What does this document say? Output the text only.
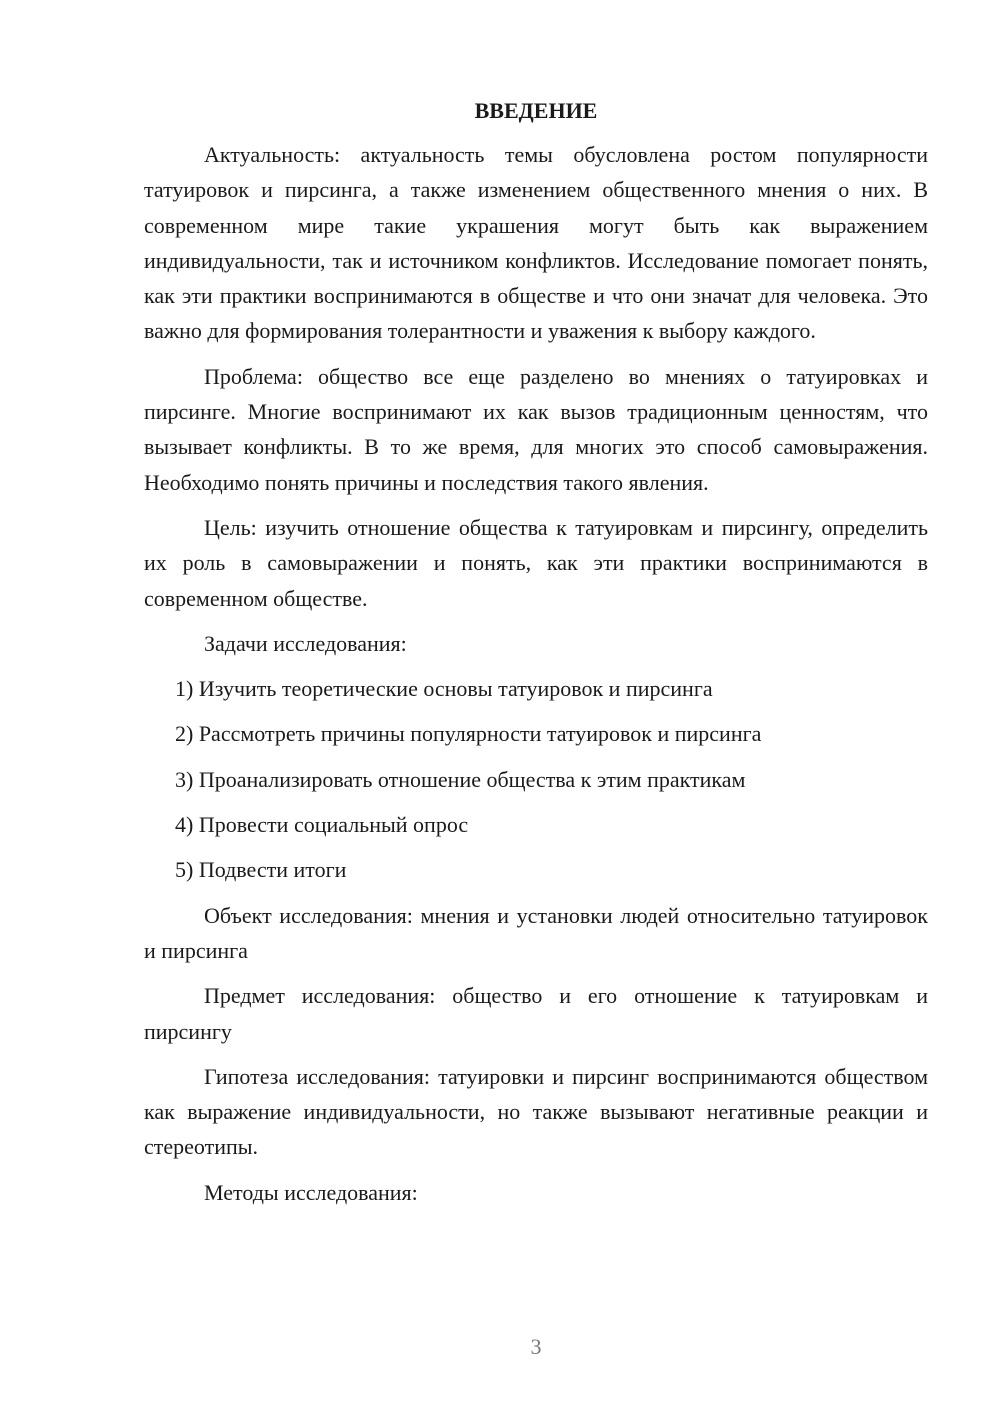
ВВЕДЕНИЕ

Актуальность: актуальность темы обусловлена ростом популярности татуировок и пирсинга, а также изменением общественного мнения о них. В современном мире такие украшения могут быть как выражением индивидуальности, так и источником конфликтов. Исследование помогает понять, как эти практики воспринимаются в обществе и что они значат для человека. Это важно для формирования толерантности и уважения к выбору каждого.

Проблема: общество все еще разделено во мнениях о татуировках и пирсинге. Многие воспринимают их как вызов традиционным ценностям, что вызывает конфликты. В то же время, для многих это способ самовыражения. Необходимо понять причины и последствия такого явления.

Цель: изучить отношение общества к татуировкам и пирсингу, определить их роль в самовыражении и понять, как эти практики воспринимаются в современном обществе.

Задачи исследования:

1) Изучить теоретические основы татуировок и пирсинга

2) Рассмотреть причины популярности татуировок и пирсинга

3) Проанализировать отношение общества к этим практикам

4) Провести социальный опрос

5) Подвести итоги

Объект исследования: мнения и установки людей относительно татуировок и пирсинга

Предмет исследования: общество и его отношение к татуировкам и пирсингу

Гипотеза исследования: татуировки и пирсинг воспринимаются обществом как выражение индивидуальности, но также вызывают негативные реакции и стереотипы.

Методы исследования:

3
